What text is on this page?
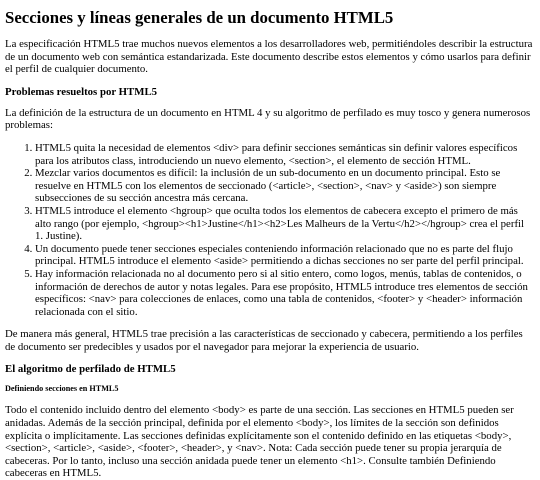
Secciones y líneas generales de un documento HTML5

La especificación HTML5 trae muchos nuevos elementos a los desarrolladores web, permitiéndoles describir la estructura de un documento web con semántica estandarizada. Este documento describe estos elementos y cómo usarlos para definir el perfil de cualquier documento.

Problemas resueltos por HTML5

La definición de la estructura de un documento en HTML 4 y su algoritmo de perfilado es muy tosco y genera numerosos problemas:

1. HTML5 quita la necesidad de elementos <div> para definir secciones semánticas sin definir valores específicos para los atributos class, introduciendo un nuevo elemento, <section>, el elemento de sección HTML.
2. Mezclar varios documentos es difícil: la inclusión de un sub-documento en un documento principal. Esto se resuelve en HTML5 con los elementos de seccionado (<article>, <section>, <nav> y <aside>) son siempre subsecciones de su sección ancestra más cercana.
3. HTML5 introduce el elemento <hgroup> que oculta todos los elementos de cabecera excepto el primero de más alto rango (por ejemplo, <hgroup><h1>Justine</h1><h2>Les Malheurs de la Vertu</h2></hgroup> crea el perfil 1. Justine).
4. Un documento puede tener secciones especiales conteniendo información relacionado que no es parte del flujo principal. HTML5 introduce el elemento <aside> permitiendo a dichas secciones no ser parte del perfil principal.
5. Hay información relacionada no al documento pero si al sitio entero, como logos, menús, tablas de contenidos, o información de derechos de autor y notas legales. Para ese propósito, HTML5 introduce tres elementos de sección específicos: <nav> para colecciones de enlaces, como una tabla de contenidos, <footer> y <header> información relacionada con el sitio.

De manera más general, HTML5 trae precisión a las características de seccionado y cabecera, permitiendo a los perfiles de documento ser predecibles y usados por el navegador para mejorar la experiencia de usuario.

El algoritmo de perfilado de HTML5
Definiendo secciones en HTML5

Todo el contenido incluido dentro del elemento <body> es parte de una sección. Las secciones en HTML5 pueden ser anidadas. Además de la sección principal, definida por el elemento <body>, los límites de la sección son definidos explícita o implícitamente. Las secciones definidas explícitamente son el contenido definido en las etiquetas <body>, <section>, <article>, <aside>, <footer>, <header>, y <nav>. Nota: Cada sección puede tener su propia jerarquía de cabeceras. Por lo tanto, incluso una sección anidada puede tener un elemento <h1>. Consulte también Definiendo cabeceras en HTML5.
